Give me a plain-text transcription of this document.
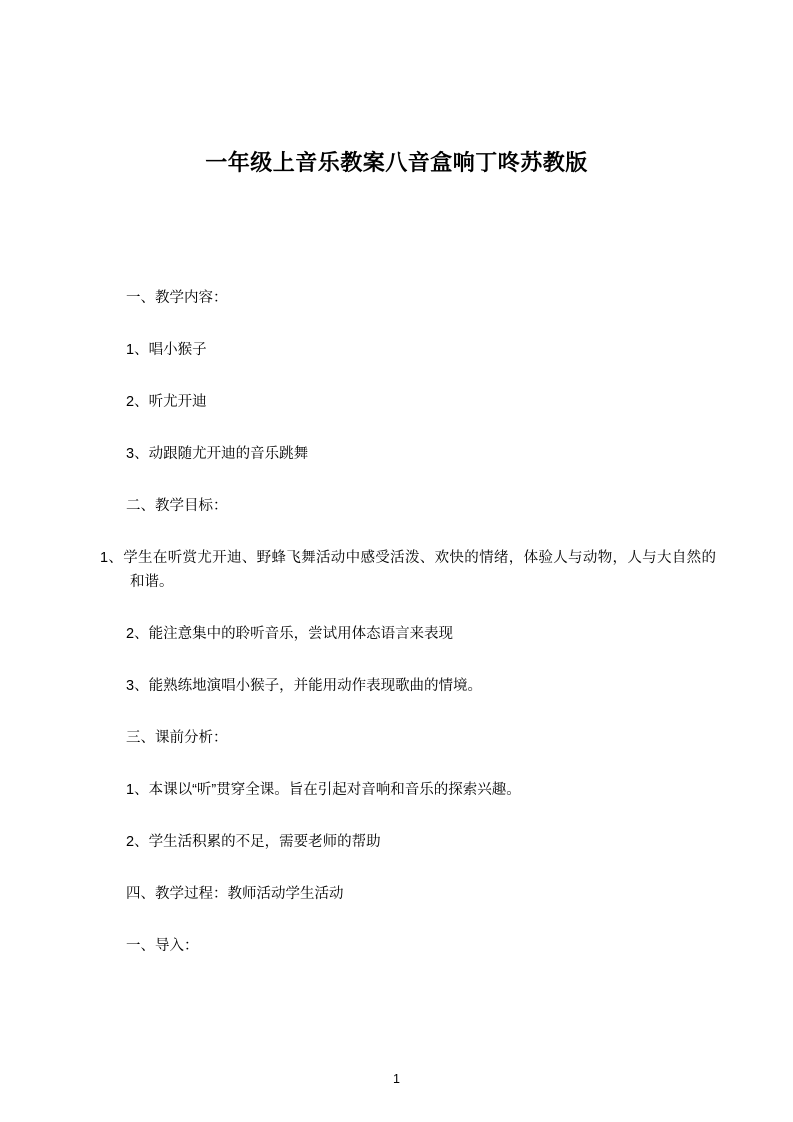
一年级上音乐教案八音盒响丁咚苏教版

一、教学内容：

1、唱小猴子

2、听尤开迪

3、动跟随尤开迪的音乐跳舞

二、教学目标：

1、学生在听赏尤开迪、野蜂飞舞活动中感受活泼、欢快的情绪，体验人与动物，人与大自然的和谐。

2、能注意集中的聆听音乐，尝试用体态语言来表现

3、能熟练地演唱小猴子，并能用动作表现歌曲的情境。

三、课前分析：

1、本课以“听”贯穿全课。旨在引起对音响和音乐的探索兴趣。

2、学生活积累的不足，需要老师的帮助

四、教学过程：教师活动学生活动

一、导入：

1
